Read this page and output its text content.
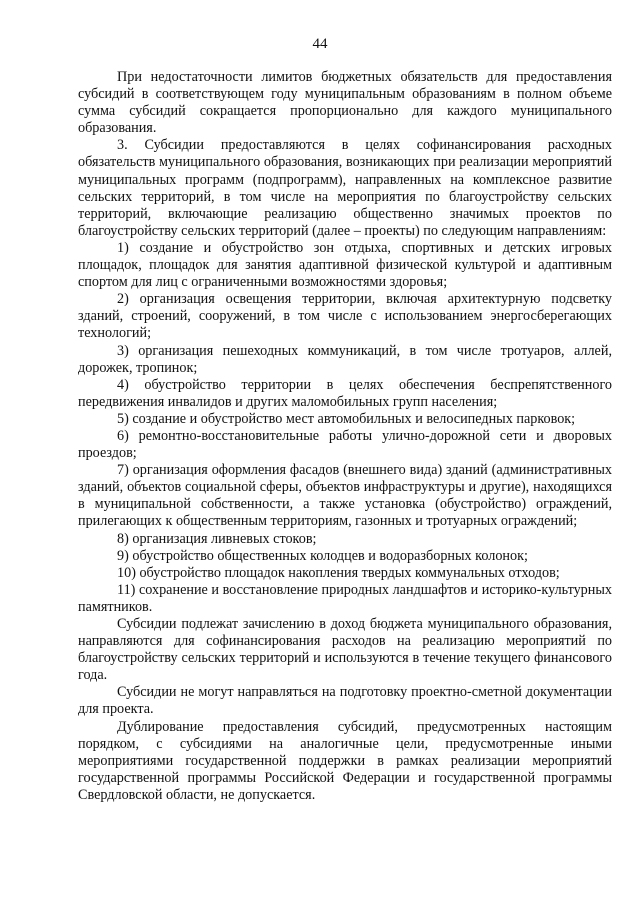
44

При недостаточности лимитов бюджетных обязательств для предоставления субсидий в соответствующем году муниципальным образованиям в полном объеме сумма субсидий сокращается пропорционально для каждого муниципального образования.

3. Субсидии предоставляются в целях софинансирования расходных обязательств муниципального образования, возникающих при реализации мероприятий муниципальных программ (подпрограмм), направленных на комплексное развитие сельских территорий, в том числе на мероприятия по благоустройству сельских территорий, включающие реализацию общественно значимых проектов по благоустройству сельских территорий (далее – проекты) по следующим направлениям:

1) создание и обустройство зон отдыха, спортивных и детских игровых площадок, площадок для занятия адаптивной физической культурой и адаптивным спортом для лиц с ограниченными возможностями здоровья;

2) организация освещения территории, включая архитектурную подсветку зданий, строений, сооружений, в том числе с использованием энергосберегающих технологий;

3) организация пешеходных коммуникаций, в том числе тротуаров, аллей, дорожек, тропинок;

4) обустройство территории в целях обеспечения беспрепятственного передвижения инвалидов и других маломобильных групп населения;

5) создание и обустройство мест автомобильных и велосипедных парковок;

6) ремонтно-восстановительные работы улично-дорожной сети и дворовых проездов;

7) организация оформления фасадов (внешнего вида) зданий (административных зданий, объектов социальной сферы, объектов инфраструктуры и другие), находящихся в муниципальной собственности, а также установка (обустройство) ограждений, прилегающих к общественным территориям, газонных и тротуарных ограждений;

8) организация ливневых стоков;

9) обустройство общественных колодцев и водоразборных колонок;

10) обустройство площадок накопления твердых коммунальных отходов;

11) сохранение и восстановление природных ландшафтов и историко-культурных памятников.

Субсидии подлежат зачислению в доход бюджета муниципального образования, направляются для софинансирования расходов на реализацию мероприятий по благоустройству сельских территорий и используются в течение текущего финансового года.

Субсидии не могут направляться на подготовку проектно-сметной документации для проекта.

Дублирование предоставления субсидий, предусмотренных настоящим порядком, с субсидиями на аналогичные цели, предусмотренные иными мероприятиями государственной поддержки в рамках реализации мероприятий государственной программы Российской Федерации и государственной программы Свердловской области, не допускается.
